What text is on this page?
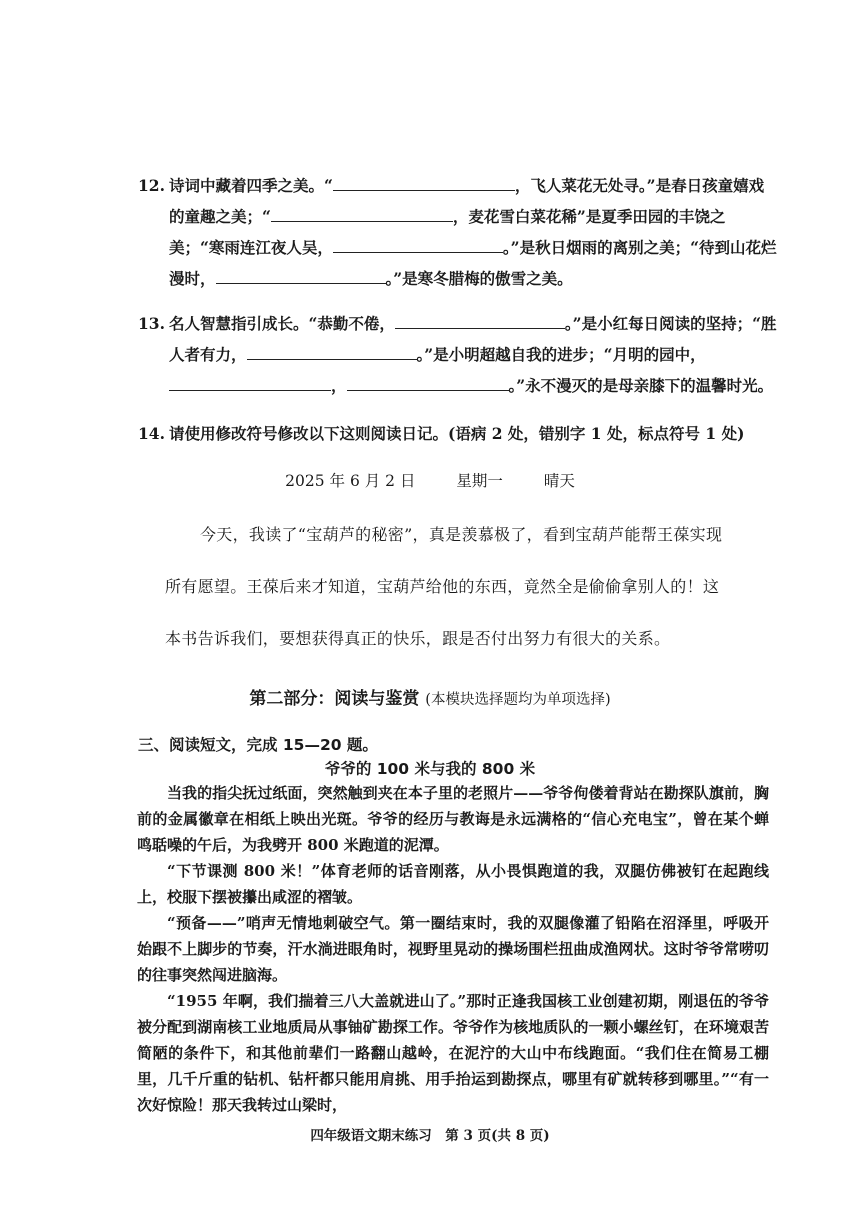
12. 诗词中藏着四季之美。“	，飞人菜花无处寻。”是春日孩童嬉戏的童趣之美；“	，麦花雪白菜花稀”是夏季田园的丰饶之美；“寒雨连江夜人吴，	。”是秋日烟雨的离别之美；“待到山花烂漫时，	。”是寒冬腊梅的傲雪之美。
13. 名人智慧指引成长。“恭勤不倦，	。”是小红每日阅读的坚持；“胜人者有力，	。”是小明超越自我的进步；“月明的园中，，	。”永不漫灭的是母亲膝下的温馨时光。
14. 请使用修改符号修改以下这则阅读日记。(语病 2 处，错别字 1 处，标点符号 1 处)
2025 年 6 月 2 日	星期一	晴天
今天，我读了“宝葫芦的秘密”，真是羡慕极了，看到宝葫芦能帮王葆实现
所有愿望。王葆后来才知道，宝葫芦给他的东西，竟然全是偷偷拿别人的！这
本书告诉我们，要想获得真正的快乐，跟是否付出努力有很大的关系。
第二部分：阅读与鉴赏 (本模块选择题均为单项选择)
三、阅读短文，完成 15—20 题。
爷爷的 100 米与我的 800 米

当我的指尖抚过纸面，突然触到夹在本子里的老照片——爷爷佝偻着背站在勘探队旗前，胸前的金属徽章在相纸上映出光斑。爷爷的经历与教诲是永远满格的“信心充电宝”，曾在某个蝉鸣聒噪的午后，为我劈开 800 米跑道的泥潭。

“下节课测 800 米！”体育老师的话音刚落，从小畏惧跑道的我，双腿仿佛被钉在起跑线上，校服下摆被攥出咸涩的褶皱。

“预备——”哨声无情地刺破空气。第一圈结束时，我的双腿像灌了铅陷在沼泽里，呼吸开始跟不上脚步的节奏，汗水淌进眼角时，视野里晃动的操场围栏扭曲成渔网状。这时爷爷常唠叨的往事突然闯进脑海。

“1955 年啊，我们揣着三八大盖就进山了。”那时正逢我国核工业创建初期，刚退伍的爷爷被分配到湖南核工业地质局从事铀矿勘探工作。爷爷作为核地质队的一颗小螺丝钉，在环境艰苦简陋的条件下，和其他前辈们一路翻山越岭，在泥泞的大山中布线跑面。“我们住在简易工棚里，几千斤重的钻机、钻杆都只能用肩挑、用手抬运到勘探点，哪里有矿就转移到哪里。”“有一次好惊险！那天我转过山梁时，

四年级语文期末练习　第 3 页(共 8 页)
